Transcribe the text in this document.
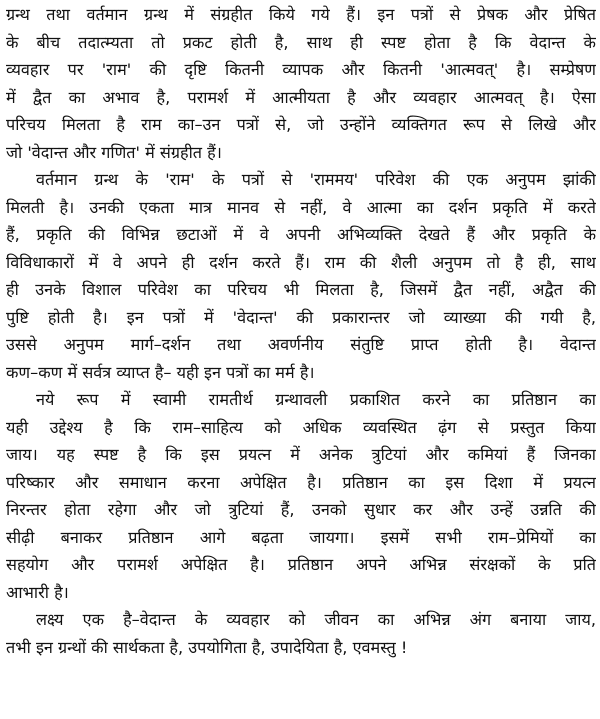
ग्रन्थ तथा वर्तमान ग्रन्थ में संग्रहीत किये गये हैं। इन पत्रों से प्रेषक और प्रेषित
के बीच तदात्म्यता तो प्रकट होती है, साथ ही स्पष्ट होता है कि वेदान्त के
व्यवहार पर 'राम' की दृष्टि कितनी व्यापक और कितनी 'आत्मवत्' है। सम्प्रेषण
में द्वैत का अभाव है, परामर्श में आत्मीयता है और व्यवहार आत्मवत् है। ऐसा
परिचय मिलता है राम का–उन पत्रों से, जो उन्होंने व्यक्तिगत रूप से लिखे और
जो 'वेदान्त और गणित' में संग्रहीत हैं।
वर्तमान ग्रन्थ के 'राम' के पत्रों से 'राममय' परिवेश की एक अनुपम झांकी
मिलती है। उनकी एकता मात्र मानव से नहीं, वे आत्मा का दर्शन प्रकृति में करते
हैं, प्रकृति की विभिन्न छटाओं में वे अपनी अभिव्यक्ति देखते हैं और प्रकृति के
विविधाकारों में वे अपने ही दर्शन करते हैं। राम की शैली अनुपम तो है ही, साथ
ही उनके विशाल परिवेश का परिचय भी मिलता है, जिसमें द्वैत नहीं, अद्वैत की
पुष्टि होती है। इन पत्रों में 'वेदान्त' की प्रकारान्तर जो व्याख्या की गयी है,
उससे अनुपम मार्ग–दर्शन तथा अवर्णनीय संतुष्टि प्राप्त होती है। वेदान्त
कण–कण में सर्वत्र व्याप्त है– यही इन पत्रों का मर्म है।
नये रूप में स्वामी रामतीर्थ ग्रन्थावली प्रकाशित करने का प्रतिष्ठान का
यही उद्देश्य है कि राम–साहित्य को अधिक व्यवस्थित ढ़ंग से प्रस्तुत किया
जाय। यह स्पष्ट है कि इस प्रयत्न में अनेक त्रुटियां और कमियां हैं जिनका
परिष्कार और समाधान करना अपेक्षित है। प्रतिष्ठान का इस दिशा में प्रयत्न
निरन्तर होता रहेगा और जो त्रुटियां हैं, उनको सुधार कर और उन्हें उन्नति की
सीढ़ी बनाकर प्रतिष्ठान आगे बढ़ता जायगा। इसमें सभी राम–प्रेमियों का
सहयोग और परामर्श अपेक्षित है। प्रतिष्ठान अपने अभिन्न संरक्षकों के प्रति
आभारी है।
लक्ष्य एक है–वेदान्त के व्यवहार को जीवन का अभिन्न अंग बनाया जाय,
तभी इन ग्रन्थों की सार्थकता है, उपयोगिता है, उपादेयिता है, एवमस्तु !
